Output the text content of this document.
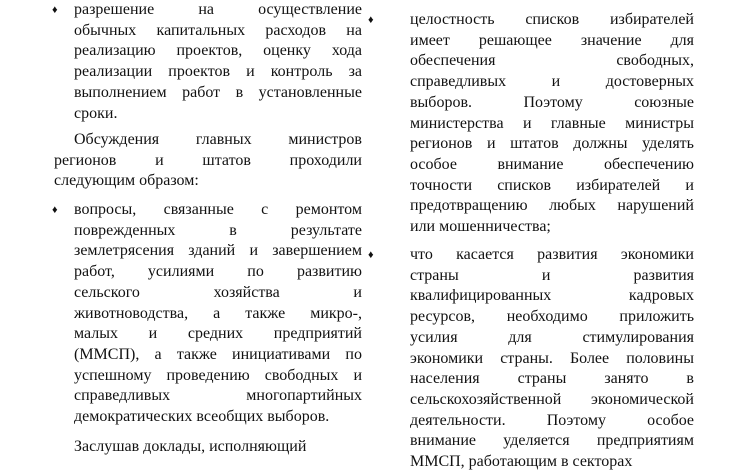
♦ разрешение	на	осуществление
обычных капитальных расходов на
реализацию проектов, оценку хода
реализации проектов и контроль за
выполнением работ в установленные
сроки.
Обсуждения главных министров
регионов и штатов проходили
следующим образом:
♦ вопросы, связанные с ремонтом
поврежденных	в	результате
землетрясения зданий и завершением
работ, усилиями по развитию
сельского	хозяйства	и
животноводства, а также микро-,
малых и средних предприятий
(ММСП), а также инициативами по
успешному проведению свободных и
справедливых	многопартийных
демократических всеобщих выборов.
Заслушав доклады, исполняющий
♦ целостность списков избирателей
имеет решающее значение для
обеспечения	свободных,
справедливых	и	достоверных
выборов.	Поэтому	союзные
министерства и главные министры
регионов и штатов должны уделять
особое	внимание	обеспечению
точности списков избирателей и
предотвращению любых нарушений
или мошенничества;
♦ что касается развития экономики
страны	и	развития
квалифицированных	кадровых
ресурсов, необходимо приложить
усилия	для	стимулирования
экономики страны. Более половины
населения страны занято в
сельскохозяйственной экономической
деятельности.	Поэтому	особое
внимание уделяется предприятиям
ММСП, работающим в секторах
